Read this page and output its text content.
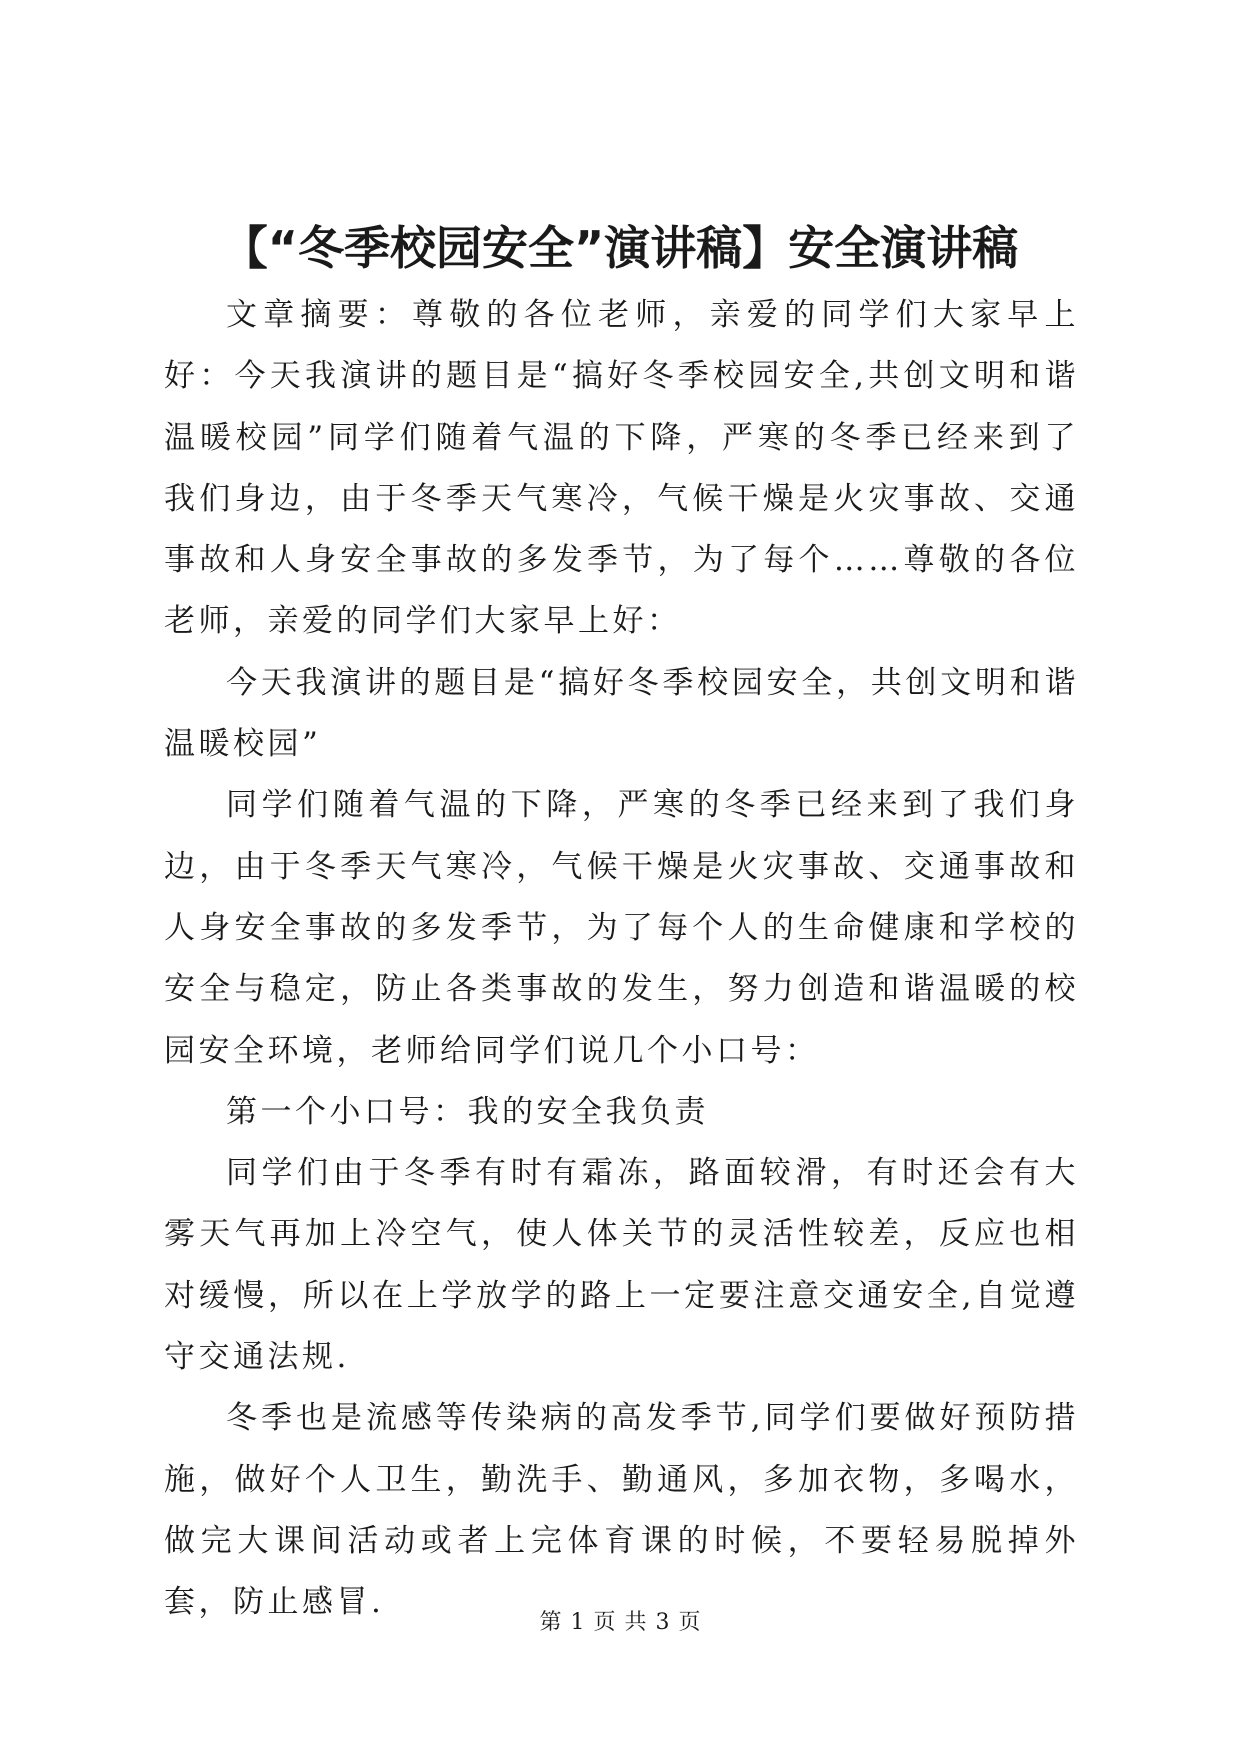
【“冬季校园安全”演讲稿】安全演讲稿

文章摘要：尊敬的各位老师，亲爱的同学们大家早上好：今天我演讲的题目是“搞好冬季校园安全,共创文明和谐温暖校园”同学们随着气温的下降，严寒的冬季已经来到了我们身边，由于冬季天气寒冷，气候干燥是火灾事故、交通事故和人身安全事故的多发季节，为了每个……尊敬的各位老师，亲爱的同学们大家早上好：

今天我演讲的题目是“搞好冬季校园安全，共创文明和谐温暖校园”

同学们随着气温的下降，严寒的冬季已经来到了我们身边，由于冬季天气寒冷，气候干燥是火灾事故、交通事故和人身安全事故的多发季节，为了每个人的生命健康和学校的安全与稳定，防止各类事故的发生，努力创造和谐温暖的校园安全环境，老师给同学们说几个小口号：

第一个小口号：我的安全我负责

同学们由于冬季有时有霜冻，路面较滑，有时还会有大雾天气再加上冷空气，使人体关节的灵活性较差，反应也相对缓慢，所以在上学放学的路上一定要注意交通安全,自觉遵守交通法规.

冬季也是流感等传染病的高发季节,同学们要做好预防措施，做好个人卫生，勤洗手、勤通风，多加衣物，多喝水，做完大课间活动或者上完体育课的时候，不要轻易脱掉外套，防止感冒.

第 1 页 共 3 页
